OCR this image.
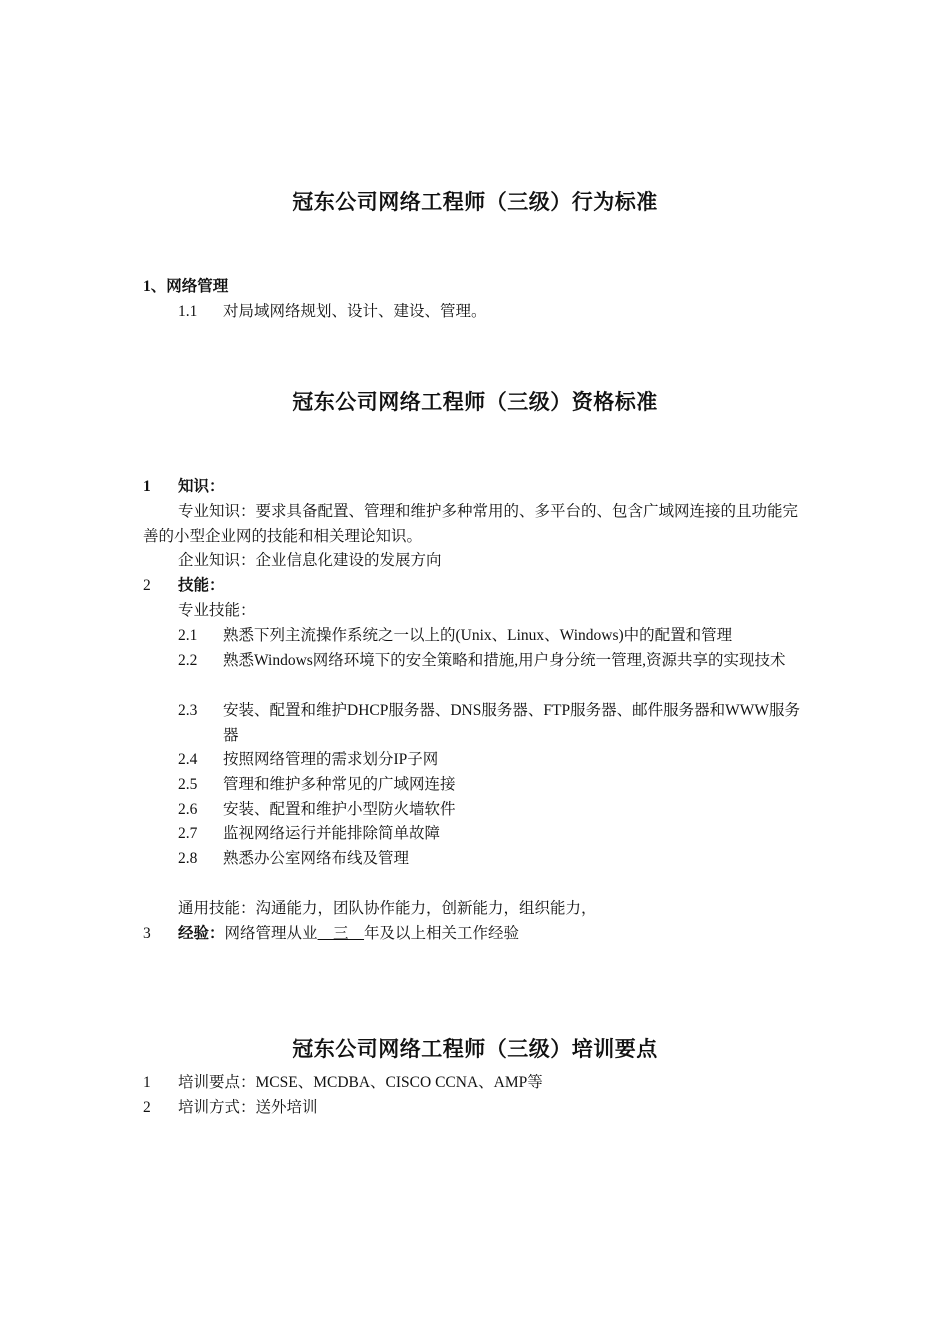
冠东公司网络工程师（三级）行为标准
1、网络管理
1.1 对局域网络规划、设计、建设、管理。
冠东公司网络工程师（三级）资格标准
1 知识：
专业知识：要求具备配置、管理和维护多种常用的、多平台的、包含广域网连接的且功能完善的小型企业网的技能和相关理论知识。
企业知识：企业信息化建设的发展方向
2 技能：
专业技能：
2.1 熟悉下列主流操作系统之一以上的(Unix、Linux、Windows)中的配置和管理
2.2 熟悉Windows网络环境下的安全策略和措施,用户身分统一管理,资源共享的实现技术
2.3 安装、配置和维护DHCP服务器、DNS服务器、FTP服务器、邮件服务器和WWW服务器
2.4 按照网络管理的需求划分IP子网
2.5 管理和维护多种常见的广域网连接
2.6 安装、配置和维护小型防火墙软件
2.7 监视网络运行并能排除简单故障
2.8 熟悉办公室网络布线及管理
通用技能：沟通能力，团队协作能力，创新能力，组织能力，
3 经验：网络管理从业　三　年及以上相关工作经验
冠东公司网络工程师（三级）培训要点
1 培训要点：MCSE、MCDBA、CISCO CCNA、AMP等
2 培训方式：送外培训
